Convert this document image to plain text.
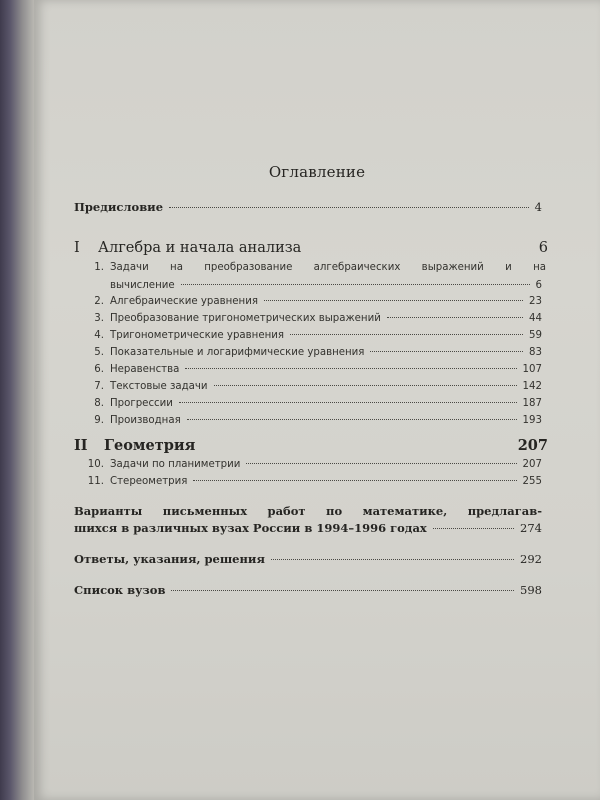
Оглавление
Предисловие	4
I	Алгебра и начала анализа	6
1. Задачи на преобразование алгебраических выражений и на
вычисление	6
2. Алгебраические уравнения	23
3. Преобразование тригонометрических выражений	44
4. Тригонометрические уравнения	59
5. Показательные и логарифмические уравнения	83
6. Неравенства	107
7. Текстовые задачи	142
8. Прогрессии	187
9. Производная	193
II	Геометрия	207
10. Задачи по планиметрии	207
11. Стереометрия	255
Варианты письменных работ по математике, предлагав-
шихся в различных вузах России в 1994–1996 годах	274
Ответы, указания, решения	292
Список вузов	598
